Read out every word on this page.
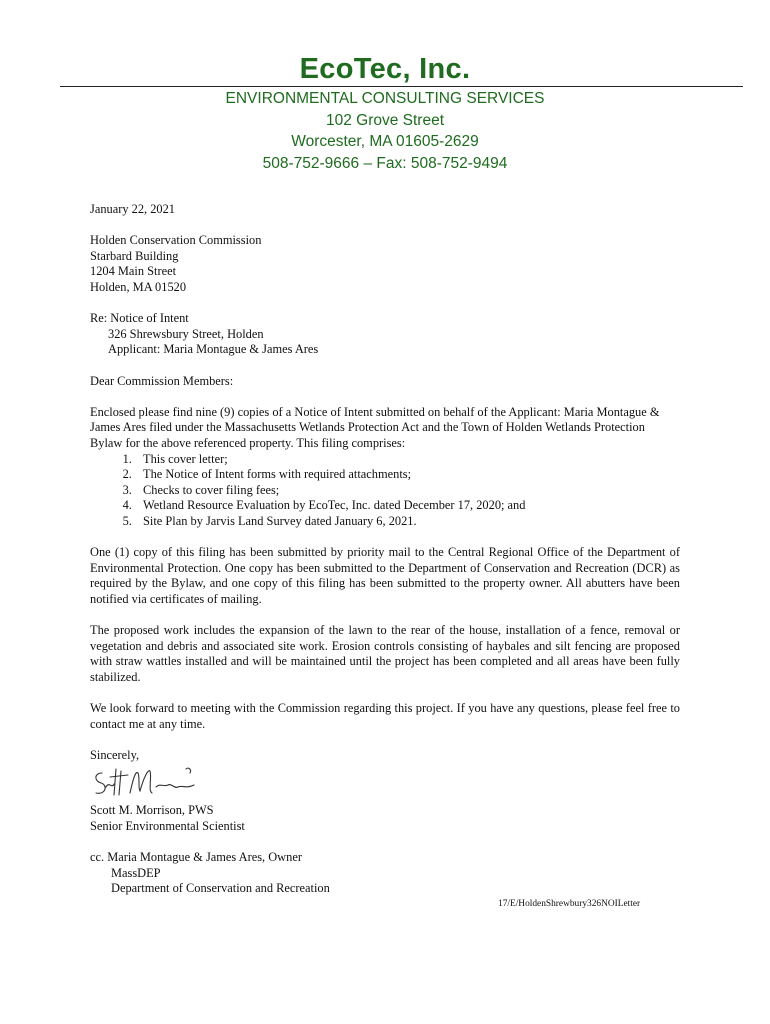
EcoTec, Inc.
ENVIRONMENTAL CONSULTING SERVICES
102 Grove Street
Worcester, MA 01605-2629
508-752-9666 – Fax: 508-752-9494

January 22, 2021

Holden Conservation Commission

Starbard Building

1204 Main Street

Holden, MA 01520

Re: Notice of Intent

326 Shrewsbury Street, Holden

Applicant: Maria Montague & James Ares

Dear Commission Members:

Enclosed please find nine (9) copies of a Notice of Intent submitted on behalf of the Applicant: Maria Montague & James Ares filed under the Massachusetts Wetlands Protection Act and the Town of Holden Wetlands Protection Bylaw for the above referenced property. This filing comprises:

1. This cover letter;
2. The Notice of Intent forms with required attachments;
3. Checks to cover filing fees;
4. Wetland Resource Evaluation by EcoTec, Inc. dated December 17, 2020; and
5. Site Plan by Jarvis Land Survey dated January 6, 2021.

One (1) copy of this filing has been submitted by priority mail to the Central Regional Office of the Department of Environmental Protection. One copy has been submitted to the Department of Conservation and Recreation (DCR) as required by the Bylaw, and one copy of this filing has been submitted to the property owner. All abutters have been notified via certificates of mailing.

The proposed work includes the expansion of the lawn to the rear of the house, installation of a fence, removal or vegetation and debris and associated site work. Erosion controls consisting of haybales and silt fencing are proposed with straw wattles installed and will be maintained until the project has been completed and all areas have been fully stabilized.

We look forward to meeting with the Commission regarding this project. If you have any questions, please feel free to contact me at any time.

Sincerely,

Scott M. Morrison, PWS

Senior Environmental Scientist

cc. Maria Montague & James Ares, Owner

MassDEP

Department of Conservation and Recreation

17/E/HoldenShrewbury326NOILetter
